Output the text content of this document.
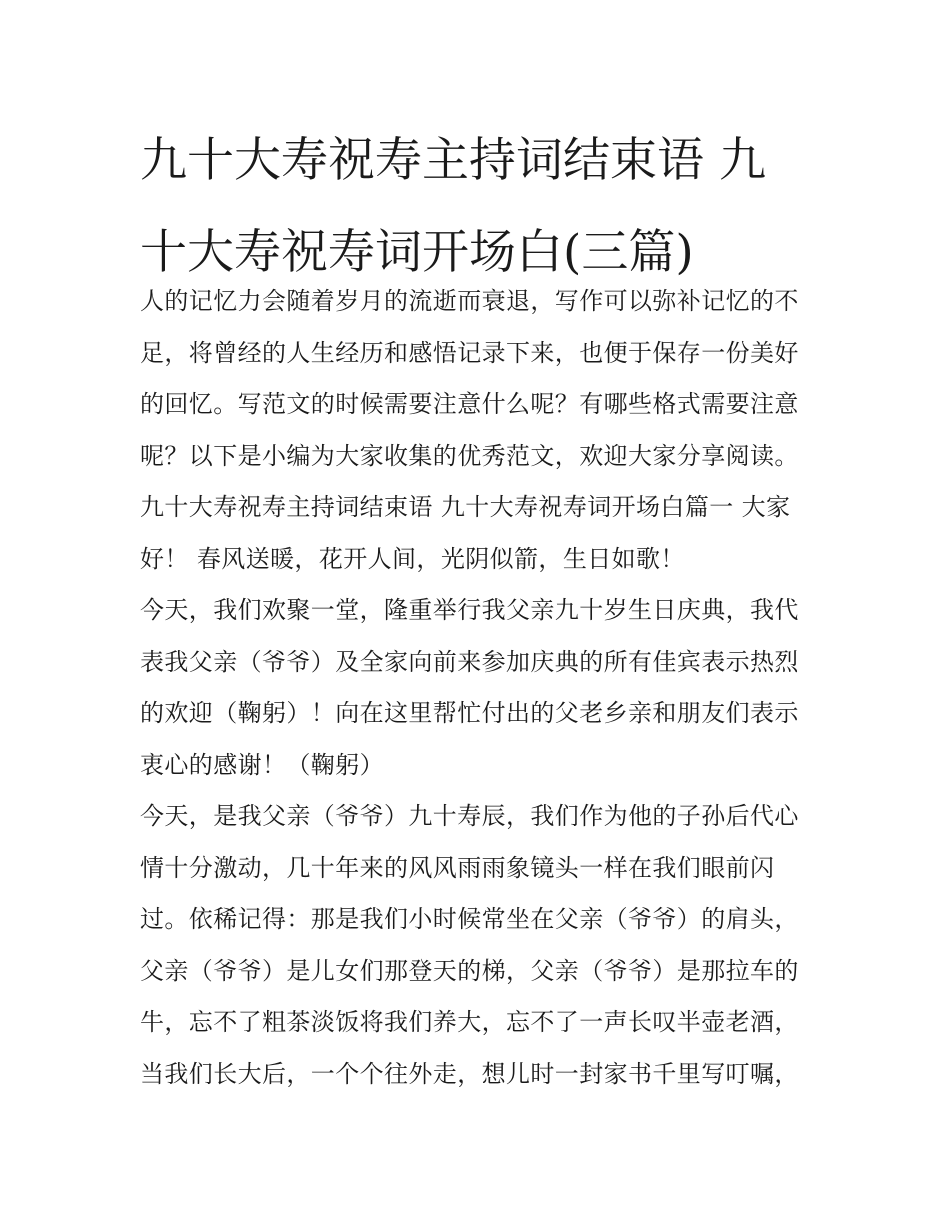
九十大寿祝寿主持词结束语 九
十大寿祝寿词开场白(三篇)
人的记忆力会随着岁月的流逝而衰退，写作可以弥补记忆的不
足，将曾经的人生经历和感悟记录下来，也便于保存一份美好
的回忆。写范文的时候需要注意什么呢？有哪些格式需要注意
呢？以下是小编为大家收集的优秀范文，欢迎大家分享阅读。
九十大寿祝寿主持词结束语 九十大寿祝寿词开场白篇一 大家
好！ 春风送暖，花开人间，光阴似箭，生日如歌！
今天，我们欢聚一堂，隆重举行我父亲九十岁生日庆典，我代
表我父亲（爷爷）及全家向前来参加庆典的所有佳宾表示热烈
的欢迎（鞠躬）！向在这里帮忙付出的父老乡亲和朋友们表示
衷心的感谢！（鞠躬）
今天，是我父亲（爷爷）九十寿辰，我们作为他的子孙后代心
情十分激动，几十年来的风风雨雨象镜头一样在我们眼前闪
过。依稀记得：那是我们小时候常坐在父亲（爷爷）的肩头，
父亲（爷爷）是儿女们那登天的梯，父亲（爷爷）是那拉车的
牛，忘不了粗茶淡饭将我们养大，忘不了一声长叹半壶老酒，
当我们长大后，一个个往外走，想儿时一封家书千里写叮嘱，
